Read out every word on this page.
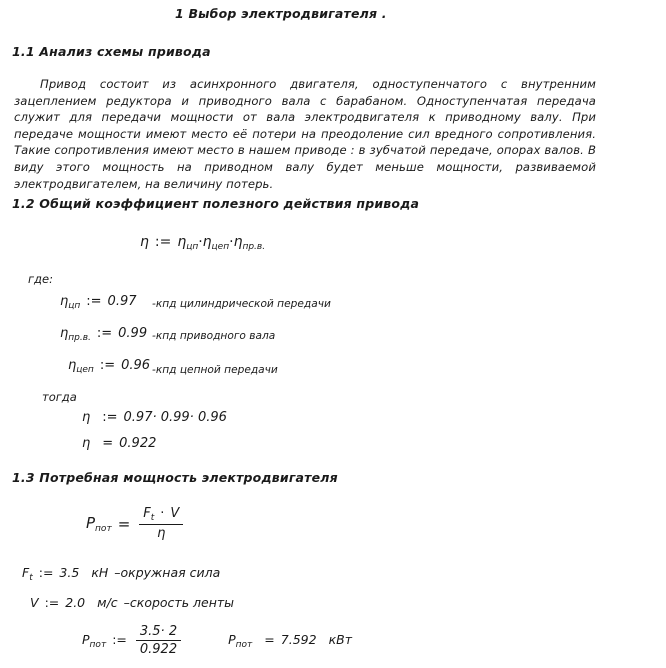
1 Выбор электродвигателя .
1.1 Анализ схемы привода
Привод состоит из асинхронного двигателя, одноступенчатого с внутренним зацеплением редуктора и приводного вала с барабаном. Одноступенчатая передача служит для передачи мощности от вала электродвигателя к приводному валу. При передаче мощности имеют место её потери на преодоление сил вредного сопротивления. Такие сопротивления имеют место в нашем приводе : в зубчатой передаче, опорах валов. В виду этого мощность на приводном валу будет меньше мощности, развиваемой электродвигателем, на величину потерь.
1.2 Общий коэффициент полезного действия привода
η := $\eta_{цп}\cdot\eta_{цеп}\cdot\eta_{пр.в.}$
где:
$\eta_{цп}$ := 0.97 -кпд цилиндрической передачи
$\eta_{пр.в.}$ := 0.99 -кпд приводного вала
$\eta_{цеп}$ := 0.96 -кпд цепной передачи
тогда
η := 0.97· 0.99· 0.96
η = 0.922
1.3 Потребная мощность электродвигателя
$P_{пот} = \frac{F_t \cdot V}{\eta}$
$F_t$ := 3.5 кН –окружная сила
V := 2.0 м/с –скорость ленты
$P_{пот}$ := $\frac{3.5\cdot 2}{0.922}$	$P_{пот} = 7.592$ кВт
